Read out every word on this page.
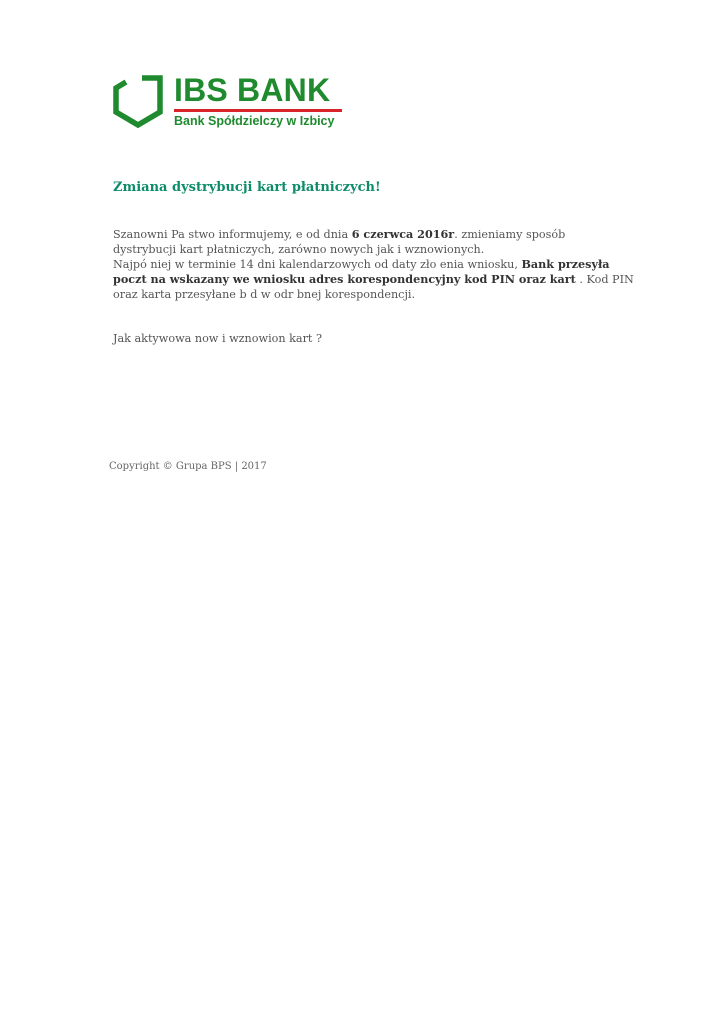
IBS BANK
Bank Spółdzielczy w Izbicy
Zmiana dystrybucji kart płatniczych!

Szanowni Pa stwo informujemy, e od dnia 6 czerwca 2016r. zmieniamy sposób
dystrybucji kart płatniczych, zarówno nowych jak i wznowionych.
Najpó niej w terminie 14 dni kalendarzowych od daty zło enia wniosku, Bank przesyła
poczt na wskazany we wniosku adres korespondencyjny kod PIN oraz kart . Kod PIN
oraz karta przesyłane b d w odr bnej korespondencji.

Jak aktywowa now i wznowion kart ?

Copyright © Grupa BPS | 2017
